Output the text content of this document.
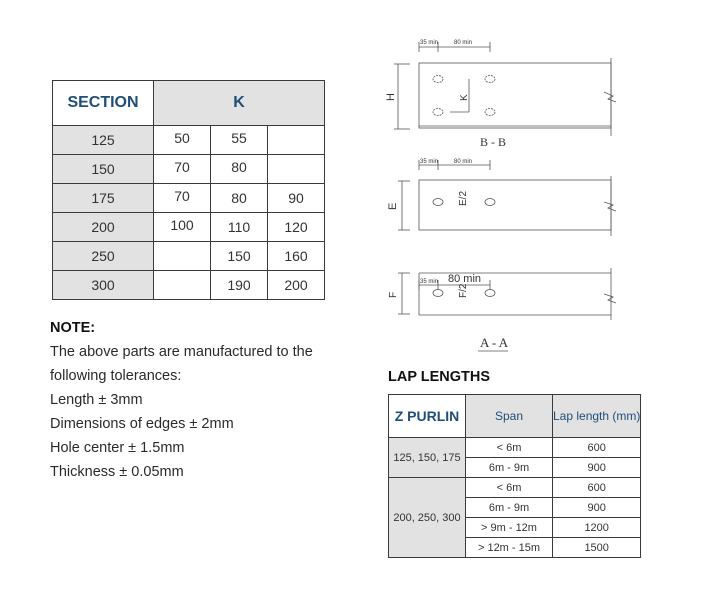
SECTION	K		
125	50	55	
150	70	80	
175	70	80	90
200	100	110	120
250		150	160
300		190	200
NOTE:
The above parts are manufactured to the
following tolerances:
Length ± 3mm
Dimensions of edges ± 2mm
Hole center ± 1.5mm
Thickness ± 0.05mm
35 min	80 min
H	K
B - B
35 min	80 min
E
E/2
35 min 80 min
F	F/2
A - A
LAP LENGTHS
Z PURLIN	Span	Lap length (mm)
125, 150, 175	< 6m	600
	6m - 9m	900
200, 250, 300	< 6m	600
	6m - 9m	900
	> 9m - 12m	1200
	> 12m - 15m	1500
